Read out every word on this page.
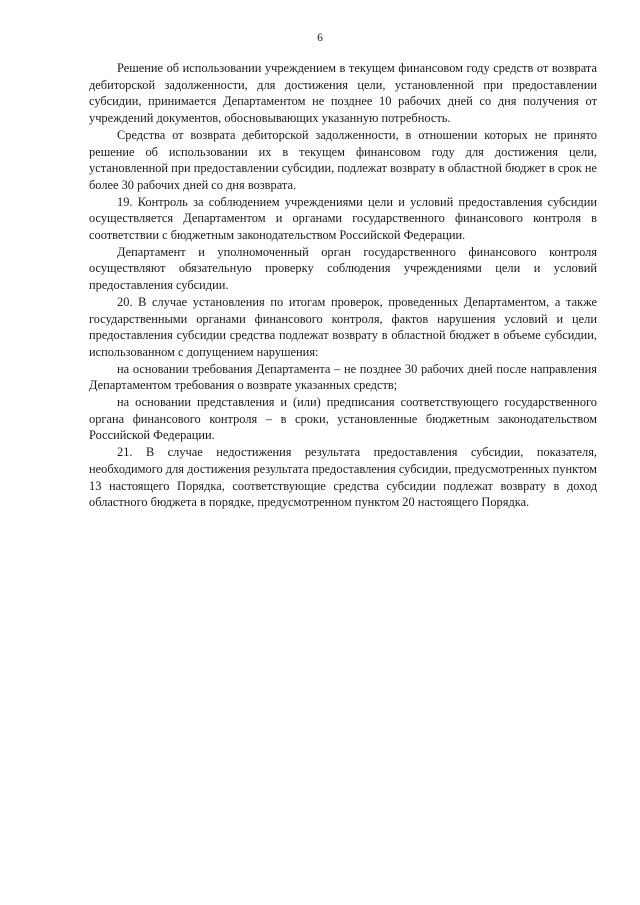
6

Решение об использовании учреждением в текущем финансовом году средств от возврата дебиторской задолженности, для достижения цели, установленной при предоставлении субсидии, принимается Департаментом не позднее 10 рабочих дней со дня получения от учреждений документов, обосновывающих указанную потребность.

Средства от возврата дебиторской задолженности, в отношении которых не принято решение об использовании их в текущем финансовом году для достижения цели, установленной при предоставлении субсидии, подлежат возврату в областной бюджет в срок не более 30 рабочих дней со дня возврата.

19. Контроль за соблюдением учреждениями цели и условий предоставления субсидии осуществляется Департаментом и органами государственного финансового контроля в соответствии с бюджетным законодательством Российской Федерации.

Департамент и уполномоченный орган государственного финансового контроля осуществляют обязательную проверку соблюдения учреждениями цели и условий предоставления субсидии.

20. В случае установления по итогам проверок, проведенных Департаментом, а также государственными органами финансового контроля, фактов нарушения условий и цели предоставления субсидии средства подлежат возврату в областной бюджет в объеме субсидии, использованном с допущением нарушения:

на основании требования Департамента – не позднее 30 рабочих дней после направления Департаментом требования о возврате указанных средств;

на основании представления и (или) предписания соответствующего государственного органа финансового контроля – в сроки, установленные бюджетным законодательством Российской Федерации.

21. В случае недостижения результата предоставления субсидии, показателя, необходимого для достижения результата предоставления субсидии, предусмотренных пунктом 13 настоящего Порядка, соответствующие средства субсидии подлежат возврату в доход областного бюджета в порядке, предусмотренном пунктом 20 настоящего Порядка.
